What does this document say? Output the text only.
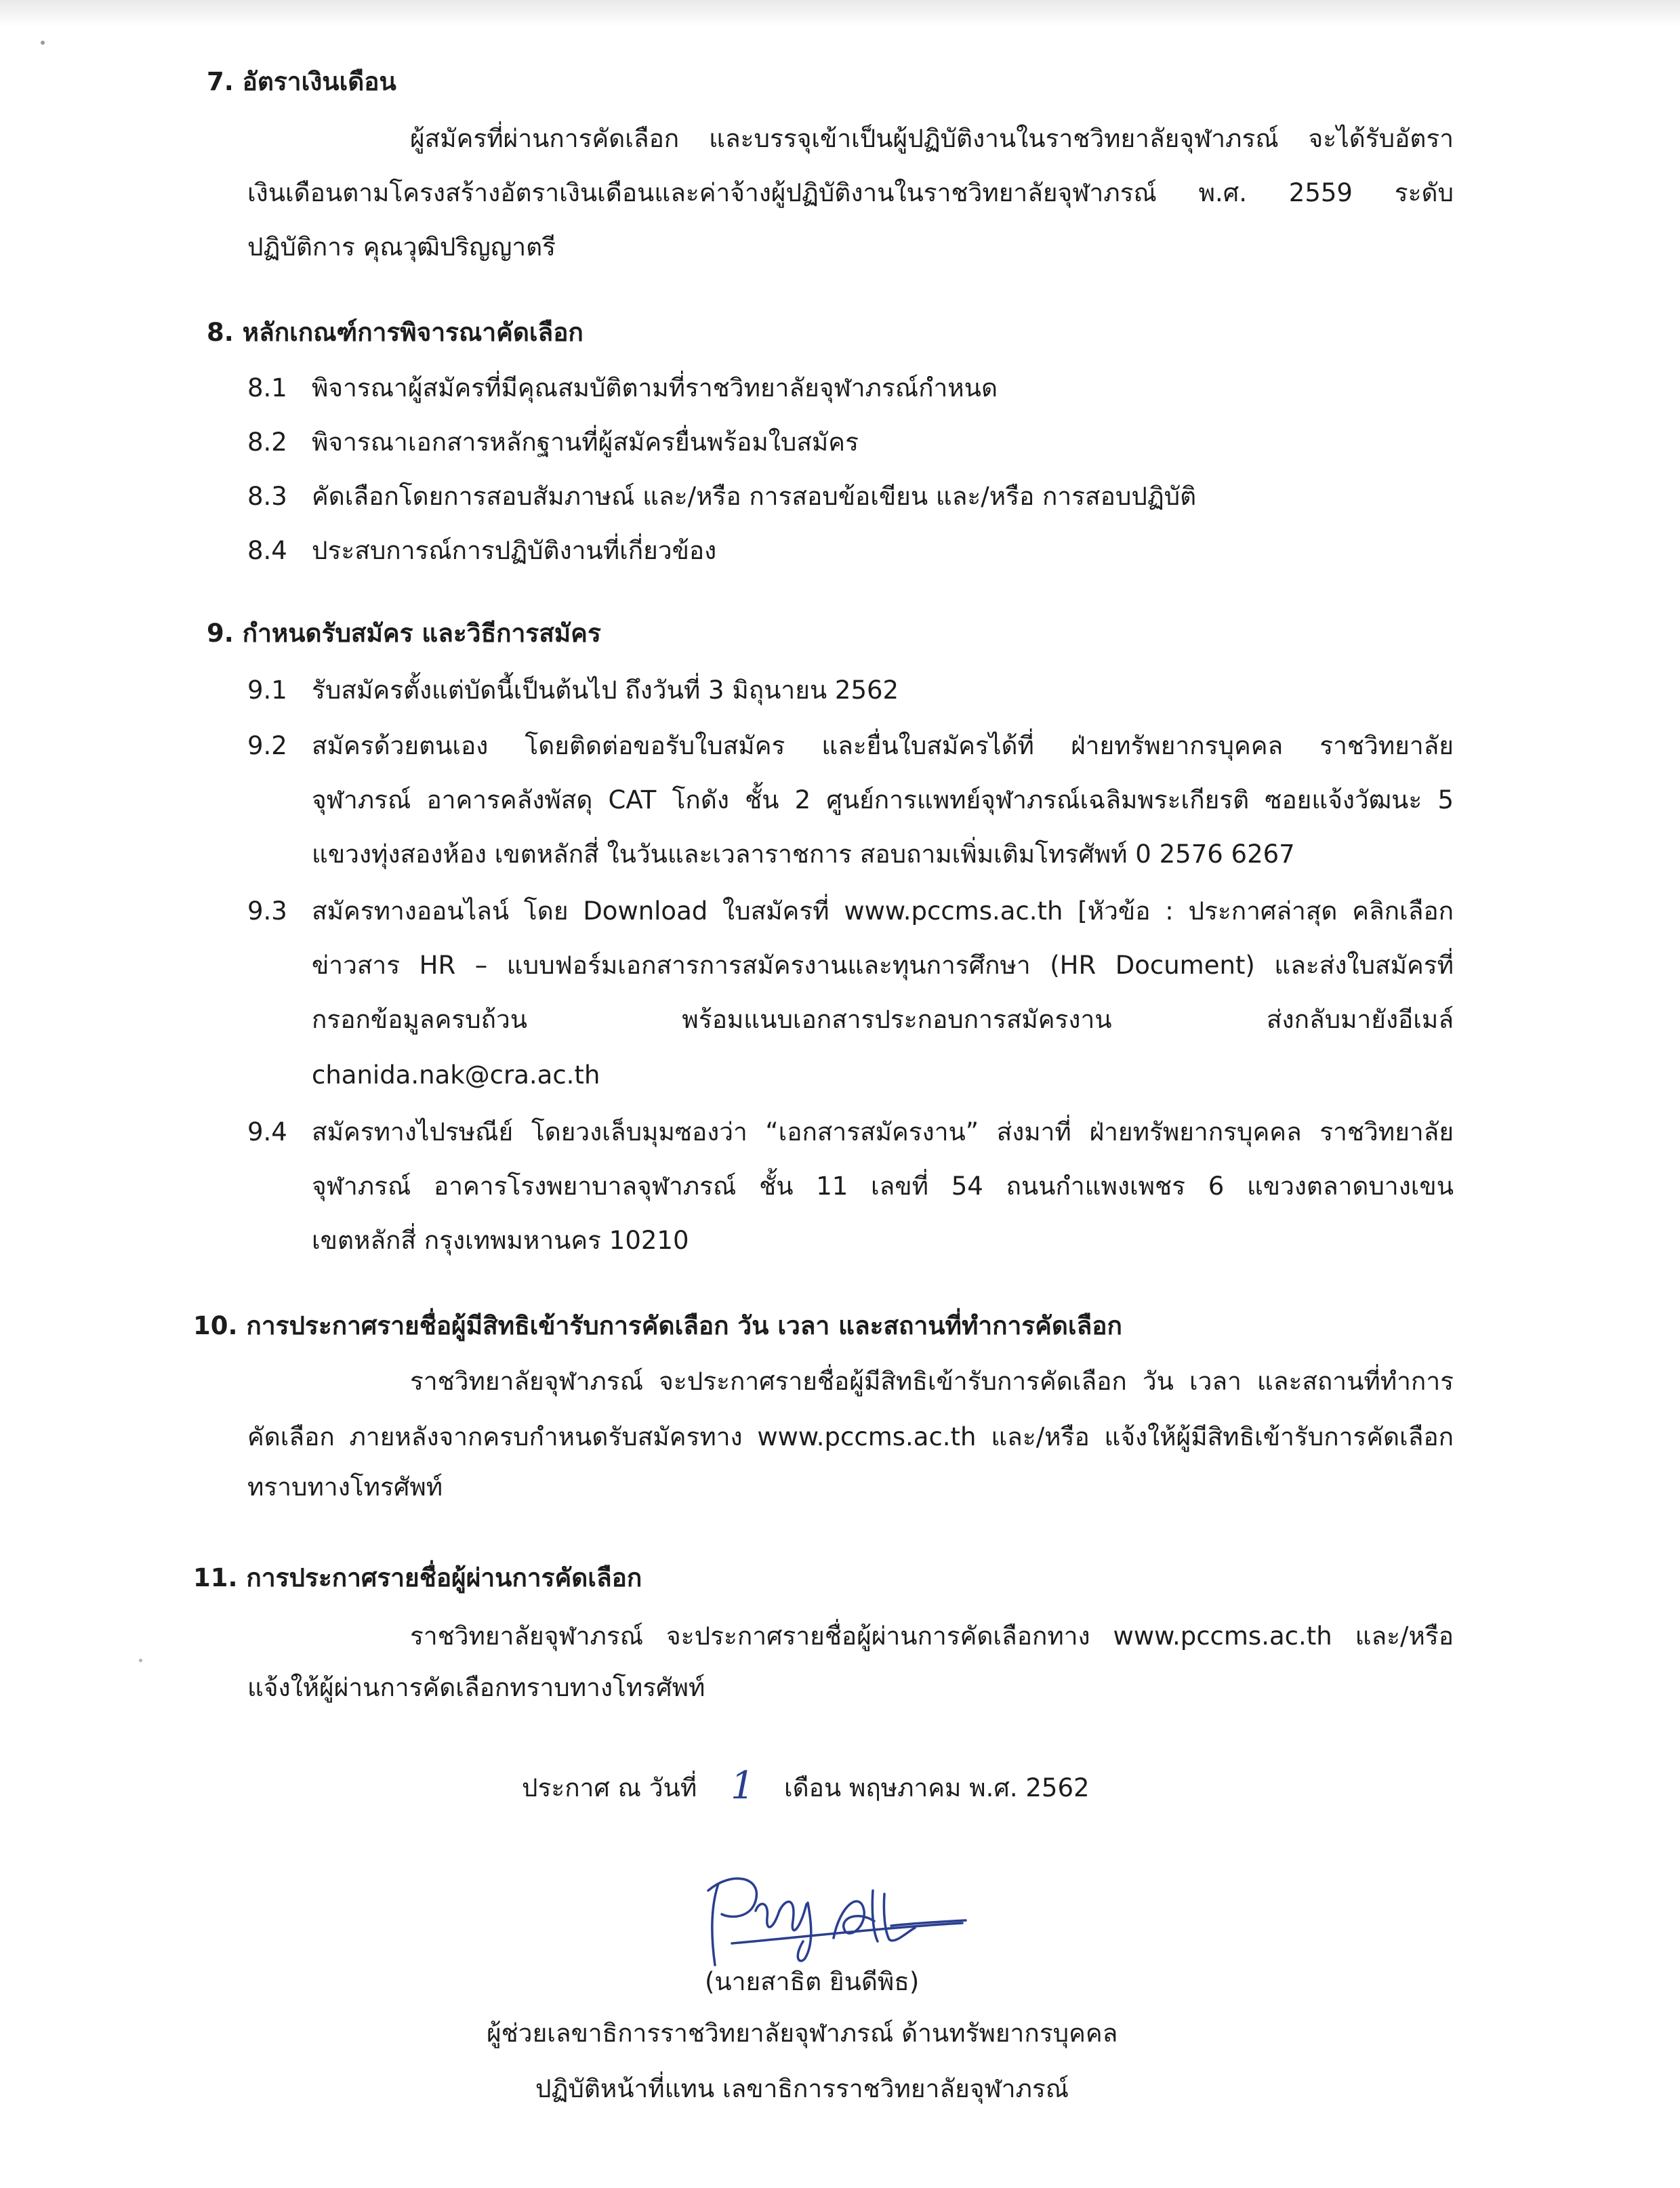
7. อัตราเงินเดือน
ผู้สมัครที่ผ่านการคัดเลือก และบรรจุเข้าเป็นผู้ปฏิบัติงานในราชวิทยาลัยจุฬาภรณ์ จะได้รับอัตรา
เงินเดือนตามโครงสร้างอัตราเงินเดือนและค่าจ้างผู้ปฏิบัติงานในราชวิทยาลัยจุฬาภรณ์ พ.ศ. 2559 ระดับ
ปฏิบัติการ คุณวุฒิปริญญาตรี
8. หลักเกณฑ์การพิจารณาคัดเลือก
8.1 พิจารณาผู้สมัครที่มีคุณสมบัติตามที่ราชวิทยาลัยจุฬาภรณ์กำหนด
8.2 พิจารณาเอกสารหลักฐานที่ผู้สมัครยื่นพร้อมใบสมัคร
8.3 คัดเลือกโดยการสอบสัมภาษณ์ และ/หรือ การสอบข้อเขียน และ/หรือ การสอบปฏิบัติ
8.4 ประสบการณ์การปฏิบัติงานที่เกี่ยวข้อง
9. กำหนดรับสมัคร และวิธีการสมัคร
9.1 รับสมัครตั้งแต่บัดนี้เป็นต้นไป ถึงวันที่ 3 มิถุนายน 2562
9.2 สมัครด้วยตนเอง โดยติดต่อขอรับใบสมัคร และยื่นใบสมัครได้ที่ ฝ่ายทรัพยากรบุคคล ราชวิทยาลัย
จุฬาภรณ์ อาคารคลังพัสดุ CAT โกดัง ชั้น 2 ศูนย์การแพทย์จุฬาภรณ์เฉลิมพระเกียรติ ซอยแจ้งวัฒนะ 5
แขวงทุ่งสองห้อง เขตหลักสี่ ในวันและเวลาราชการ สอบถามเพิ่มเติมโทรศัพท์ 0 2576 6267
9.3 สมัครทางออนไลน์ โดย Download ใบสมัครที่ www.pccms.ac.th [หัวข้อ : ประกาศล่าสุด คลิกเลือก
ข่าวสาร HR – แบบฟอร์มเอกสารการสมัครงานและทุนการศึกษา (HR Document) และส่งใบสมัครที่
กรอกข้อมูลครบถ้วน พร้อมแนบเอกสารประกอบการสมัครงาน ส่งกลับมายังอีเมล์
chanida.nak@cra.ac.th
9.4 สมัครทางไปรษณีย์ โดยวงเล็บมุมซองว่า “เอกสารสมัครงาน” ส่งมาที่ ฝ่ายทรัพยากรบุคคล ราชวิทยาลัย
จุฬาภรณ์ อาคารโรงพยาบาลจุฬาภรณ์ ชั้น 11 เลขที่ 54 ถนนกำแพงเพชร 6 แขวงตลาดบางเขน
เขตหลักสี่ กรุงเทพมหานคร 10210
10. การประกาศรายชื่อผู้มีสิทธิเข้ารับการคัดเลือก วัน เวลา และสถานที่ทำการคัดเลือก
ราชวิทยาลัยจุฬาภรณ์ จะประกาศรายชื่อผู้มีสิทธิเข้ารับการคัดเลือก วัน เวลา และสถานที่ทำการ
คัดเลือก ภายหลังจากครบกำหนดรับสมัครทาง www.pccms.ac.th และ/หรือ แจ้งให้ผู้มีสิทธิเข้ารับการคัดเลือก
ทราบทางโทรศัพท์
11. การประกาศรายชื่อผู้ผ่านการคัดเลือก
ราชวิทยาลัยจุฬาภรณ์ จะประกาศรายชื่อผู้ผ่านการคัดเลือกทาง www.pccms.ac.th และ/หรือ
แจ้งให้ผู้ผ่านการคัดเลือกทราบทางโทรศัพท์
ประกาศ ณ วันที่ 1 เดือน พฤษภาคม พ.ศ. 2562
(นายสาธิต ยินดีพิธ)
ผู้ช่วยเลขาธิการราชวิทยาลัยจุฬาภรณ์ ด้านทรัพยากรบุคคล
ปฏิบัติหน้าที่แทน เลขาธิการราชวิทยาลัยจุฬาภรณ์
